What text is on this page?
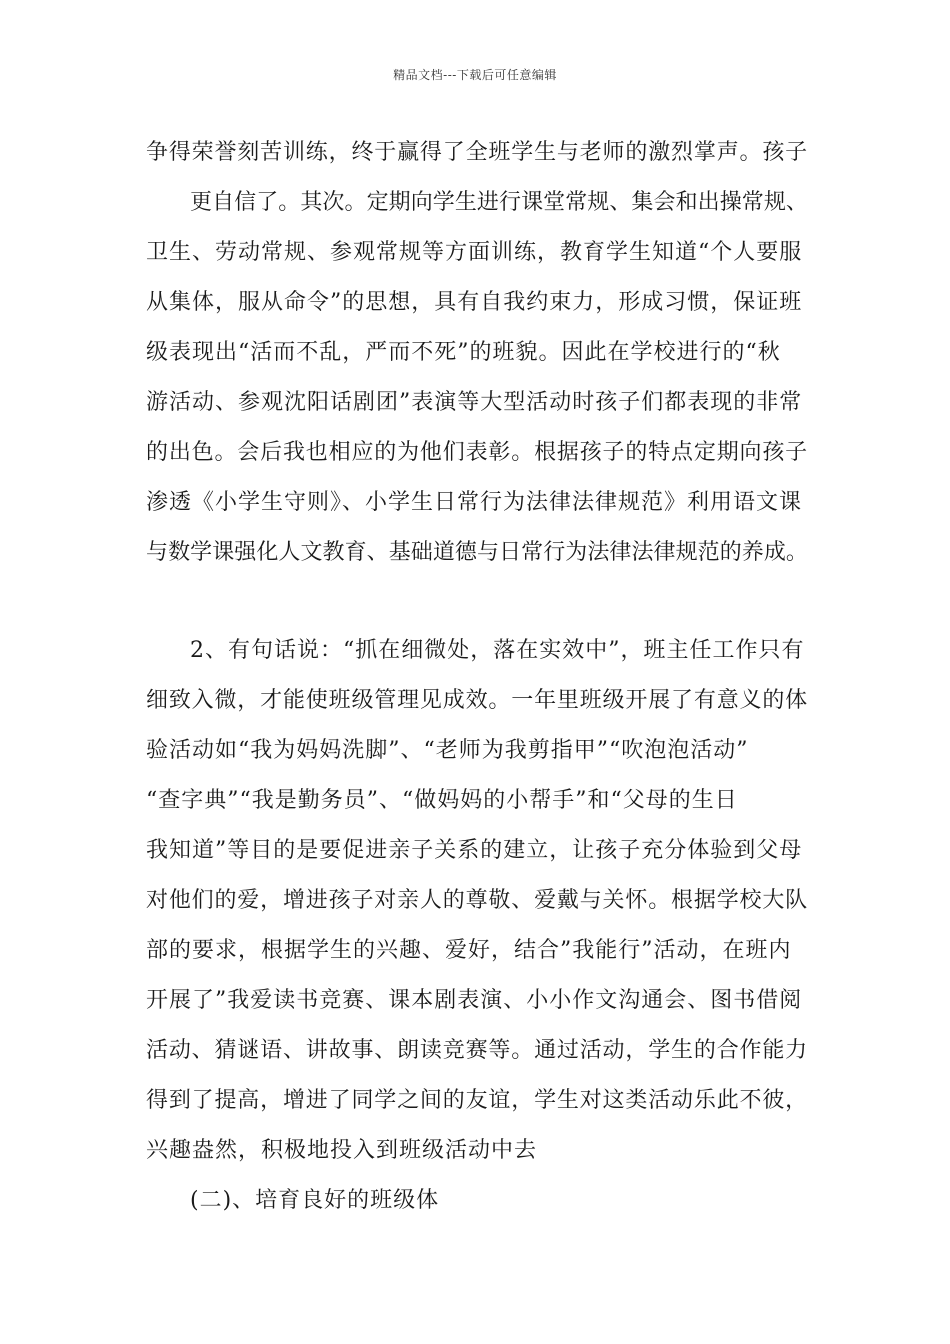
精品文档---下载后可任意编辑
争得荣誉刻苦训练，终于赢得了全班学生与老师的激烈掌声。孩子
更自信了。其次。定期向学生进行课堂常规、集会和出操常规、
卫生、劳动常规、参观常规等方面训练，教育学生知道“个人要服
从集体，服从命令”的思想，具有自我约束力，形成习惯，保证班
级表现出“活而不乱，严而不死”的班貌。因此在学校进行的“秋
游活动、参观沈阳话剧团”表演等大型活动时孩子们都表现的非常
的出色。会后我也相应的为他们表彰。根据孩子的特点定期向孩子
渗透《小学生守则》、小学生日常行为法律法律规范》利用语文课
与数学课强化人文教育、基础道德与日常行为法律法律规范的养成。
2、有句话说：“抓在细微处，落在实效中”，班主任工作只有
细致入微，才能使班级管理见成效。一年里班级开展了有意义的体
验活动如“我为妈妈洗脚”、“老师为我剪指甲”“吹泡泡活动”
“查字典”“我是勤务员”、“做妈妈的小帮手”和“父母的生日
我知道”等目的是要促进亲子关系的建立，让孩子充分体验到父母
对他们的爱，增进孩子对亲人的尊敬、爱戴与关怀。根据学校大队
部的要求，根据学生的兴趣、爱好，结合”我能行”活动，在班内
开展了”我爱读书竞赛、课本剧表演、小小作文沟通会、图书借阅
活动、猜谜语、讲故事、朗读竞赛等。通过活动，学生的合作能力
得到了提高，增进了同学之间的友谊，学生对这类活动乐此不彼，
兴趣盎然，积极地投入到班级活动中去
(二)、培育良好的班级体
